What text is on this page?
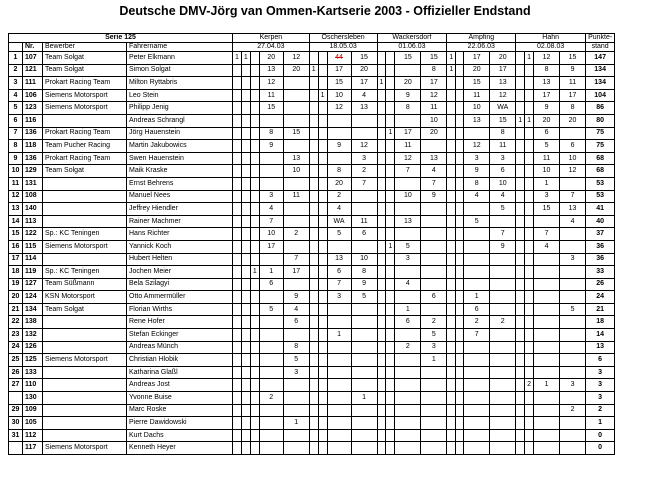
Deutsche DMV-Jörg van Ommen-Kartserie 2003 - Offizieller Endstand
Serie 125				Kerpen					Oschersleben				Wackersdorf				Ampfing				Hahn				Punkte-
	Nr.	Bewerber	Fahrername	27.04.03					18.05.03				01.06.03				22.06.03				02.08.03				stand
1	107	Team Solgat	Peter Elkmann	1	1		20	12			44	15			15	15	1		17	20		1	12	15	147
2	121	Team Solgat	Simon Solgat				13	20	1		17	20				8	1		20	17			8	9	134
3	111	Prokart Racing Team	Milton Ryttabris				12				15	17	1		20	17			15	13			13	11	134
4	106	Siemens Motorsport	Leo Stein				11			1	10	4			9	12			11	12			17	17	104
5	123	Siemens Motorsport	Philipp Jenig				15				12	13			8	11			10	WA			9	8	86
6	116		Andreas Schrangl													10			13	15	1	1	20	20	80
7	136	Prokart Racing Team	Jörg Hauenstein				8	15						1	17	20				8			6		75
8	118	Team Pucher Racing	Martin Jakubowics				9				9	12			11				12	11			5	6	75
9	136	Prokart Racing Team	Swen Hauenstein					13				3			12	13			3	3			11	10	68
10	129	Team Solgat	Maik Kraske					10			8	2			7	4			9	6			10	12	68
11	131		Ernst Behrens								20	7				7			8	10			1		53
12	108		Manuel Nees				3	11			2				10	9			4	4			3	7	53
13	140		Jeffrey Hiendler				4				4									5			15	13	41
14	113		Rainer Machmer				7				WA	11			13				5					4	40
15	122	Sp.: KC Teningen	Hans Richter				10	2			5	6								7			7		37
16	115	Siemens Motorsport	Yannick Koch				17							1	5					9			4		36
17	114		Hubert Helten					7			13	10			3									3	36
18	119	Sp.: KC Teningen	Jochen Meier			1	1	17			6	8													33
19	127	Team Süßmann	Bela Szilagyi				6				7	9			4										26
20	124	KSN Motorsport	Otto Ammermüller					9			3	5				6			1						24
21	134	Team Solgat	Florian Wirths				5	4							1				6					5	21
22	138		Rene Hofer					6							6	2			2	2					18
23	132		Stefan Eckinger								1					5			7						14
24	126		Andreas Münch					8							2	3									13
25	125	Siemens Motorsport	Christian Hlobik					5								1									6
26	133		Katharina Glaßl					3																	3
27	110		Andreas Jost																			2	1	3	3
	130		Yvonne Buise				2					1													3
29	109		Marc Roske																					2	2
30	105		Pierre Dawidowski					1																	1
31	112		Kurt Dachs																						0
	117	Siemens Motorsport	Kenneth Heyer																						0
